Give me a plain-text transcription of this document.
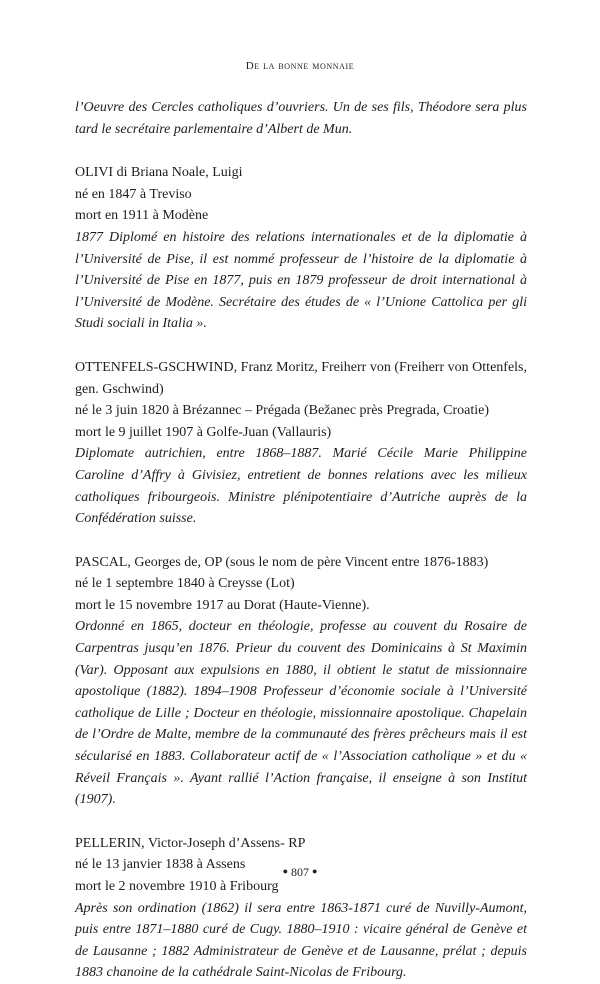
De la bonne monnaie

l’Oeuvre des Cercles catholiques d’ouvriers. Un de ses fils, Théodore sera plus tard le secrétaire parlementaire d’Albert de Mun.

OLIVI di Briana Noale, Luigi

né en 1847 à Treviso

mort en 1911 à Modène

1877 Diplomé en histoire des relations internationales et de la diplomatie à l’Université de Pise, il est nommé professeur de l’histoire de la diplomatie à l’Université de Pise en 1877, puis en 1879 professeur de droit international à l’Université de Modène. Secrétaire des études de « l’Unione Cattolica per gli Studi sociali in Italia ».

OTTENFELS-GSCHWIND, Franz Moritz, Freiherr von (Freiherr von Ottenfels, gen. Gschwind)

né le 3 juin 1820 à Brézannec – Prégada (Bežanec près Pregrada, Croatie)

mort le 9 juillet 1907 à Golfe-Juan (Vallauris)

Diplomate autrichien, entre 1868–1887. Marié Cécile Marie Philippine Caroline d’Affry à Givisiez, entretient de bonnes relations avec les milieux catholiques fribourgeois. Ministre plénipotentiaire d’Autriche auprès de la Confédération suisse.

PASCAL, Georges de, OP (sous le nom de père Vincent entre 1876-1883)

né le 1 septembre 1840 à Creysse (Lot)

mort le 15 novembre 1917 au Dorat (Haute-Vienne).

Ordonné en 1865, docteur en théologie, professe au couvent du Rosaire de Carpentras jusqu’en 1876. Prieur du couvent des Dominicains à St Maximin (Var). Opposant aux expulsions en 1880, il obtient le statut de missionnaire apostolique (1882). 1894–1908 Professeur d’économie sociale à l’Université catholique de Lille ; Docteur en théologie, missionnaire apostolique. Chapelain de l’Ordre de Malte, membre de la communauté des frères prêcheurs mais il est sécularisé en 1883. Collaborateur actif de « l’Association catholique » et du « Réveil Français ». Ayant rallié l’Action française, il enseigne à son Institut (1907).

PELLERIN, Victor-Joseph d’Assens- RP

né le 13 janvier 1838 à Assens

mort le 2 novembre 1910 à Fribourg

Après son ordination (1862) il sera entre 1863-1871 curé de Nuvilly-Aumont, puis entre 1871–1880 curé de Cugy. 1880–1910 : vicaire général de Genève et de Lausanne ; 1882 Administrateur de Genève et de Lausanne, prélat ; depuis 1883 chanoine de la cathédrale Saint-Nicolas de Fribourg.

● 807 ●
